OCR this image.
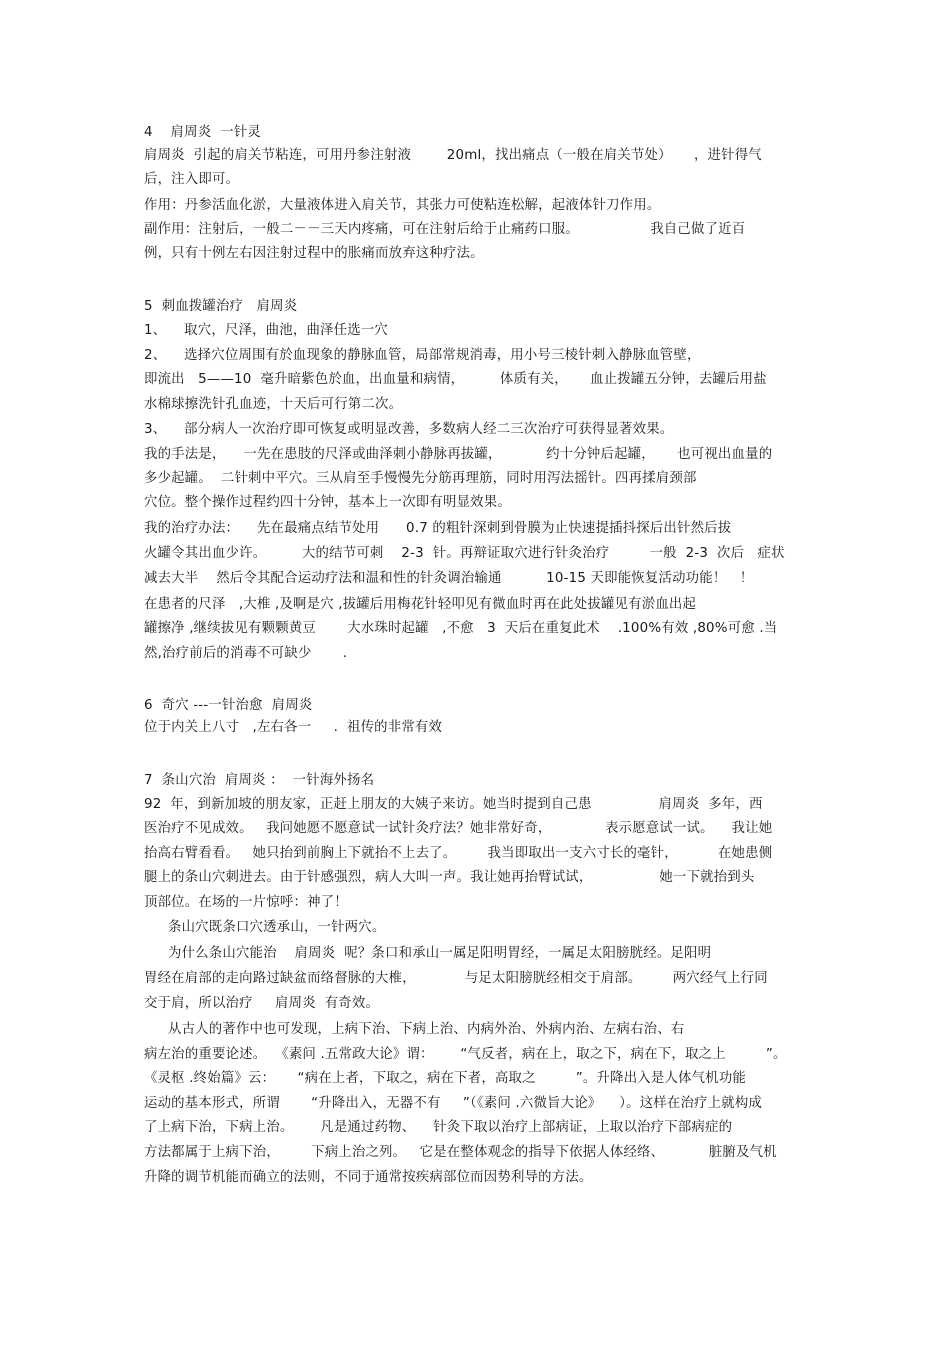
4    肩周炎  一针灵
肩周炎  引起的肩关节粘连，可用丹参注射液        20ml，找出痛点（一般在肩关节处）     ，进针得气
后，注入即可。
作用：丹参活血化淤，大量液体进入肩关节，其张力可使粘连松解，起液体针刀作用。
副作用：注射后，一般二－－三天内疼痛，可在注射后给于止痛药口服。                我自己做了近百
例，只有十例左右因注射过程中的胀痛而放弃这种疗法。
5  刺血拨罐治疗   肩周炎
1、    取穴，尺泽，曲池，曲泽任选一穴
2、    选择穴位周围有於血现象的静脉血管，局部常规消毒，用小号三棱针刺入静脉血管壁，
即流出   5——10  毫升暗紫色於血，出血量和病情，        体质有关，     血止拨罐五分钟，去罐后用盐
水棉球擦洗针孔血迹，十天后可行第二次。
3、    部分病人一次治疗即可恢复或明显改善，多数病人经二三次治疗可获得显著效果。
我的手法是，    一先在患肢的尺泽或曲泽刺小静脉再拔罐，          约十分钟后起罐，     也可视出血量的
多少起罐。  二针刺中平穴。三从肩至手慢慢先分筋再理筋，同时用泻法摇针。四再揉肩颈部
穴位。整个操作过程约四十分钟，基本上一次即有明显效果。
我的治疗办法：    先在最痛点结节处用      0.7 的粗针深刺到骨膜为止快速提插抖探后出针然后拔
火罐令其出血少许。        大的结节可刺    2-3  针。再辩证取穴进行针灸治疗         一般  2-3  次后   症状
减去大半    然后令其配合运动疗法和温和性的针灸调治输通          10-15 天即能恢复活动功能！   ！
在患者的尺泽   ,大椎 ,及啊是穴 ,拔罐后用梅花针轻叩见有微血时再在此处拔罐见有淤血出起
罐擦净 ,继续拔见有颗颗黄豆       大水珠时起罐   ,不愈   3  天后在重复此术    .100%有效 ,80%可愈 .当
然,治疗前后的消毒不可缺少       .
6  奇穴 ---一针治愈  肩周炎
位于内关上八寸   ,左右各一     .  祖传的非常有效
7  条山穴治  肩周炎 ：  一针海外扬名
92  年，到新加坡的朋友家，正赶上朋友的大姨子来访。她当时提到自己患               肩周炎  多年，西
医治疗不见成效。   我问她愿不愿意试一试针灸疗法？她非常好奇，            表示愿意试一试。    我让她
抬高右臂看看。   她只抬到前胸上下就抬不上去了。       我当即取出一支六寸长的毫针，         在她患侧
腿上的条山穴刺进去。由于针感强烈，病人大叫一声。我让她再抬臂试试，               她一下就抬到头
顶部位。在场的一片惊呼：神了！
条山穴既条口穴透承山，一针两穴。
为什么条山穴能治    肩周炎  呢？条口和承山一属足阳明胃经，一属足太阳膀胱经。足阳明
胃经在肩部的走向路过缺盆而络督脉的大椎，           与足太阳膀胱经相交于肩部。       两穴经气上行同
交于肩，所以治疗     肩周炎  有奇效。
从古人的著作中也可发现，上病下治、下病上治、内病外治、外病内治、左病右治、右
病左治的重要论述。  《素问 .五常政大论》谓：      “气反者，病在上，取之下，病在下，取之上         ”。
《灵枢 .终始篇》云：     “病在上者，下取之，病在下者，高取之         ”。升降出入是人体气机功能
运动的基本形式，所谓       “升降出入，无器不有     ”（《素问 .六微旨大论》    ）。这样在治疗上就构成
了上病下治，下病上治。      凡是通过药物、    针灸下取以治疗上部病证，上取以治疗下部病症的
方法都属于上病下治，       下病上治之列。   它是在整体观念的指导下依据人体经络、          脏腑及气机
升降的调节机能而确立的法则，不同于通常按疾病部位而因势利导的方法。
